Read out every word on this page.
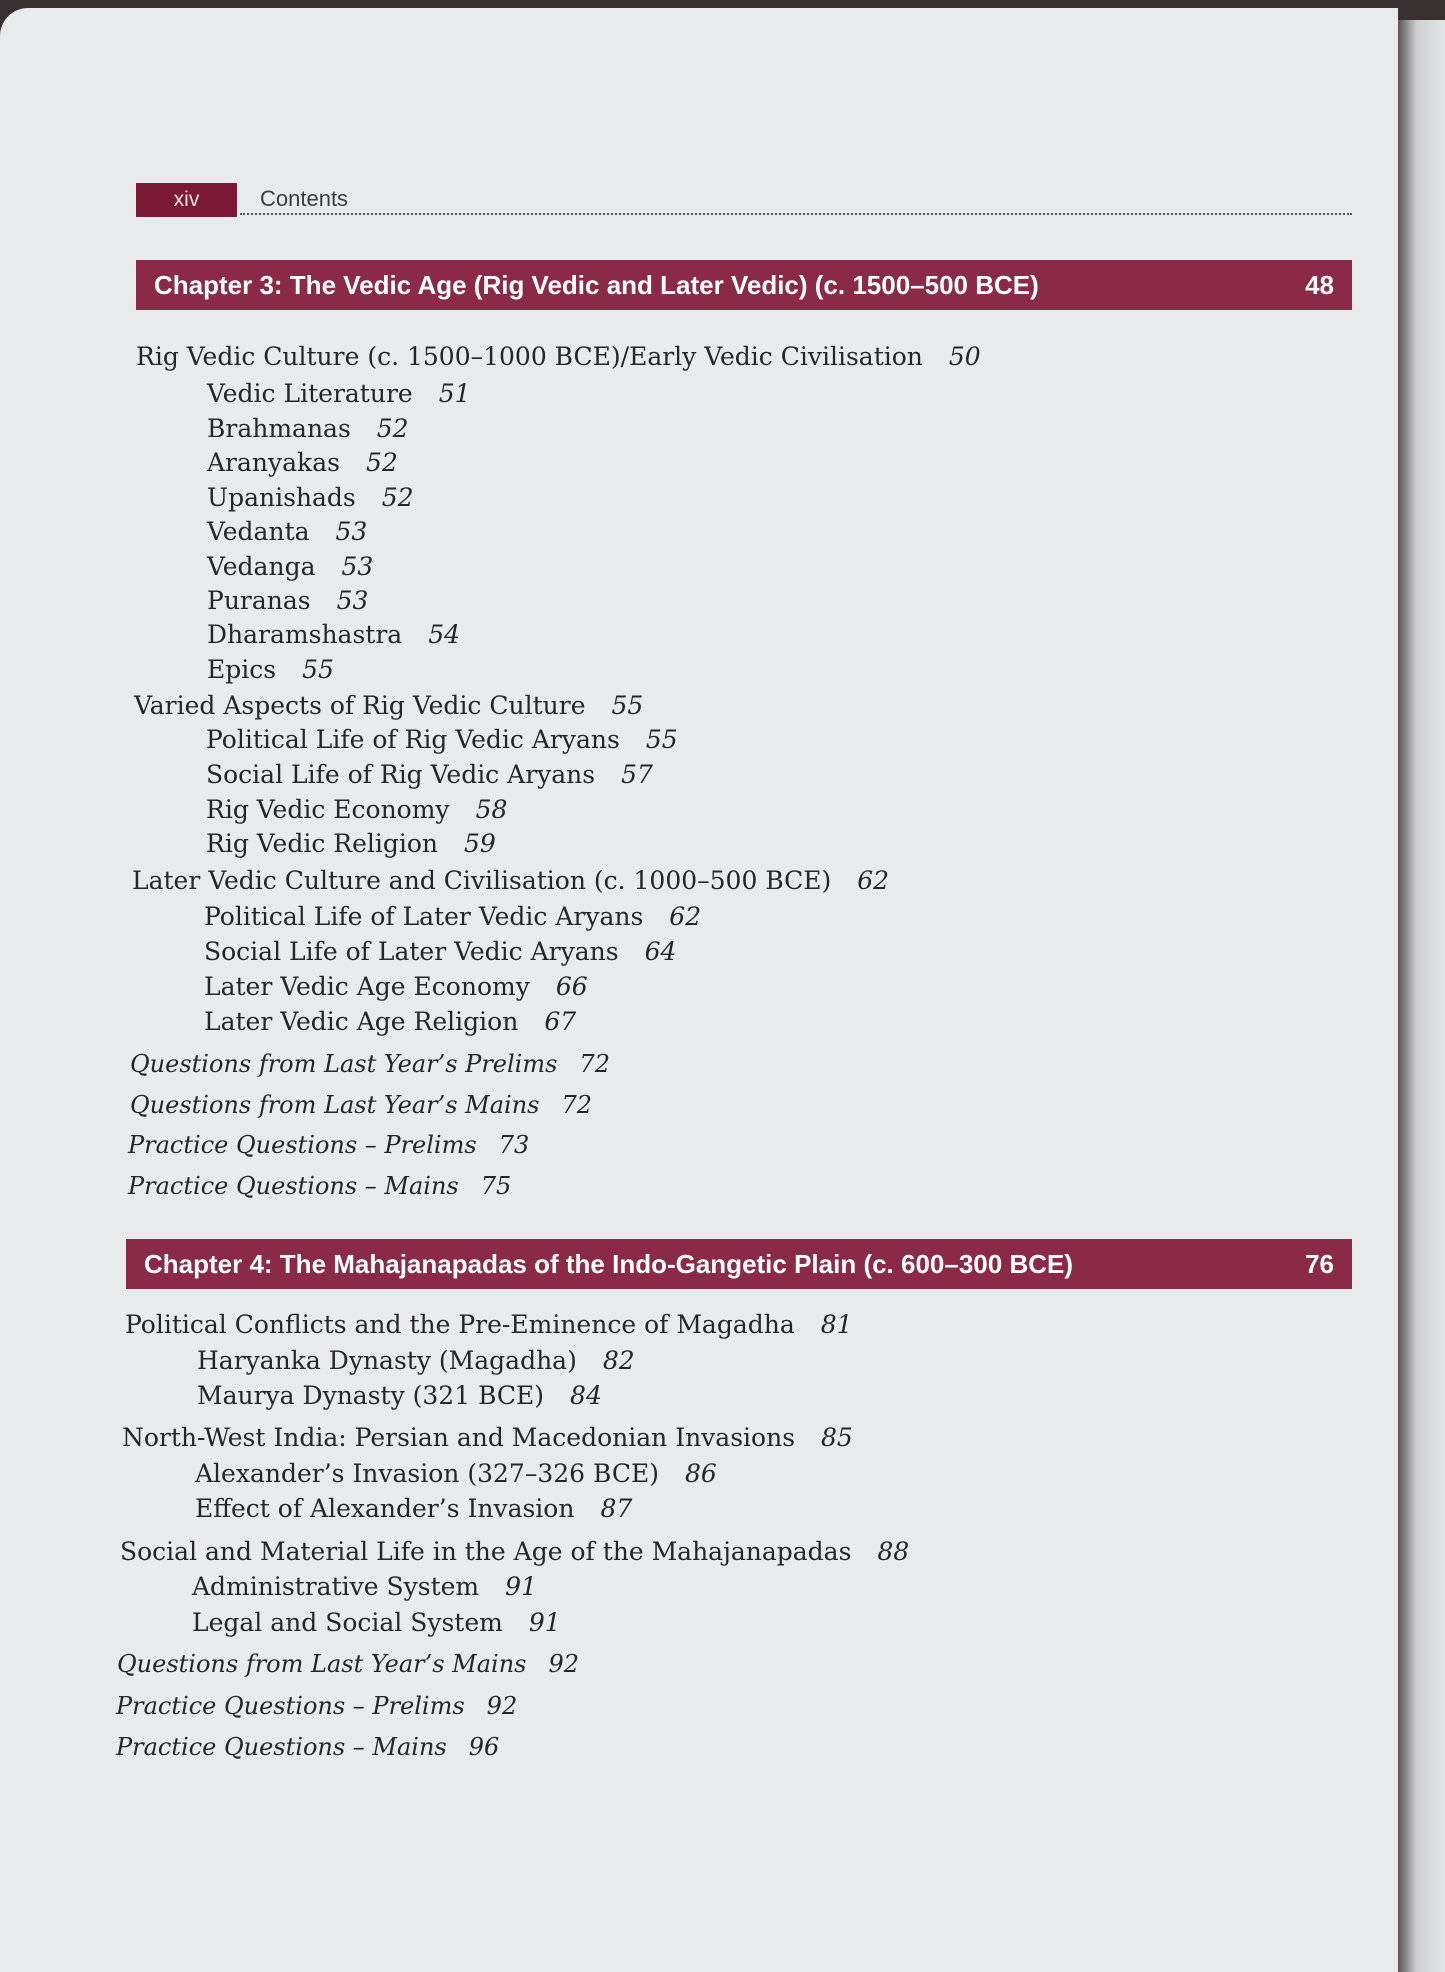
xiv	Contents
Chapter 3: The Vedic Age (Rig Vedic and Later Vedic) (c. 1500–500 BCE)	48
Rig Vedic Culture (c. 1500–1000 BCE)/Early Vedic Civilisation 50
Vedic Literature 51
Brahmanas 52
Aranyakas 52
Upanishads 52
Vedanta 53
Vedanga 53
Puranas 53
Dharamshastra 54
Epics 55
Varied Aspects of Rig Vedic Culture 55
Political Life of Rig Vedic Aryans 55
Social Life of Rig Vedic Aryans 57
Rig Vedic Economy 58
Rig Vedic Religion 59
Later Vedic Culture and Civilisation (c. 1000–500 BCE) 62
Political Life of Later Vedic Aryans 62
Social Life of Later Vedic Aryans 64
Later Vedic Age Economy 66
Later Vedic Age Religion 67
Questions from Last Year’s Prelims 72
Questions from Last Year’s Mains 72
Practice Questions – Prelims 73
Practice Questions – Mains 75
Chapter 4: The Mahajanapadas of the Indo-Gangetic Plain (c. 600–300 BCE)	76
Political Conflicts and the Pre-Eminence of Magadha 81
Haryanka Dynasty (Magadha) 82
Maurya Dynasty (321 BCE) 84
North-West India: Persian and Macedonian Invasions 85
Alexander’s Invasion (327–326 BCE) 86
Effect of Alexander’s Invasion 87
Social and Material Life in the Age of the Mahajanapadas 88
Administrative System 91
Legal and Social System 91
Questions from Last Year’s Mains 92
Practice Questions – Prelims 92
Practice Questions – Mains 96
